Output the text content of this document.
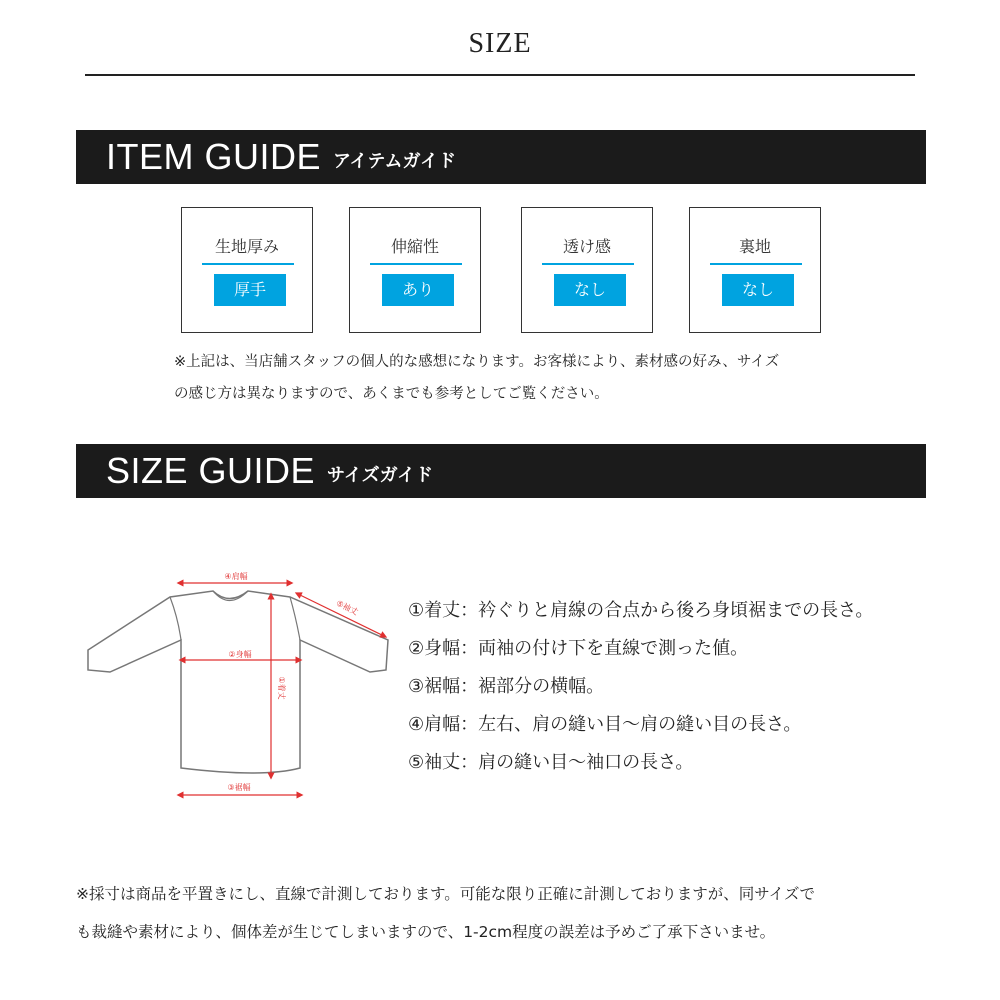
SIZE
ITEM GUIDE アイテムガイド
生地厚み
厚手
伸縮性
あり
透け感
なし
裏地
なし
※上記は、当店舗スタッフの個人的な感想になります。お客様により、素材感の好み、サイズ
の感じ方は異なりますので、あくまでも参考としてご覧ください。
SIZE GUIDE サイズガイド
④肩幅
⑤袖丈
②身幅
①着丈
③裾幅
①着丈：衿ぐりと肩線の合点から後ろ身頃裾までの長さ。
②身幅：両袖の付け下を直線で測った値。
③裾幅：裾部分の横幅。
④肩幅：左右、肩の縫い目〜肩の縫い目の長さ。
⑤袖丈：肩の縫い目〜袖口の長さ。
※採寸は商品を平置きにし、直線で計測しております。可能な限り正確に計測しておりますが、同サイズで
も裁縫や素材により、個体差が生じてしまいますので、1-2cm程度の誤差は予めご了承下さいませ。
